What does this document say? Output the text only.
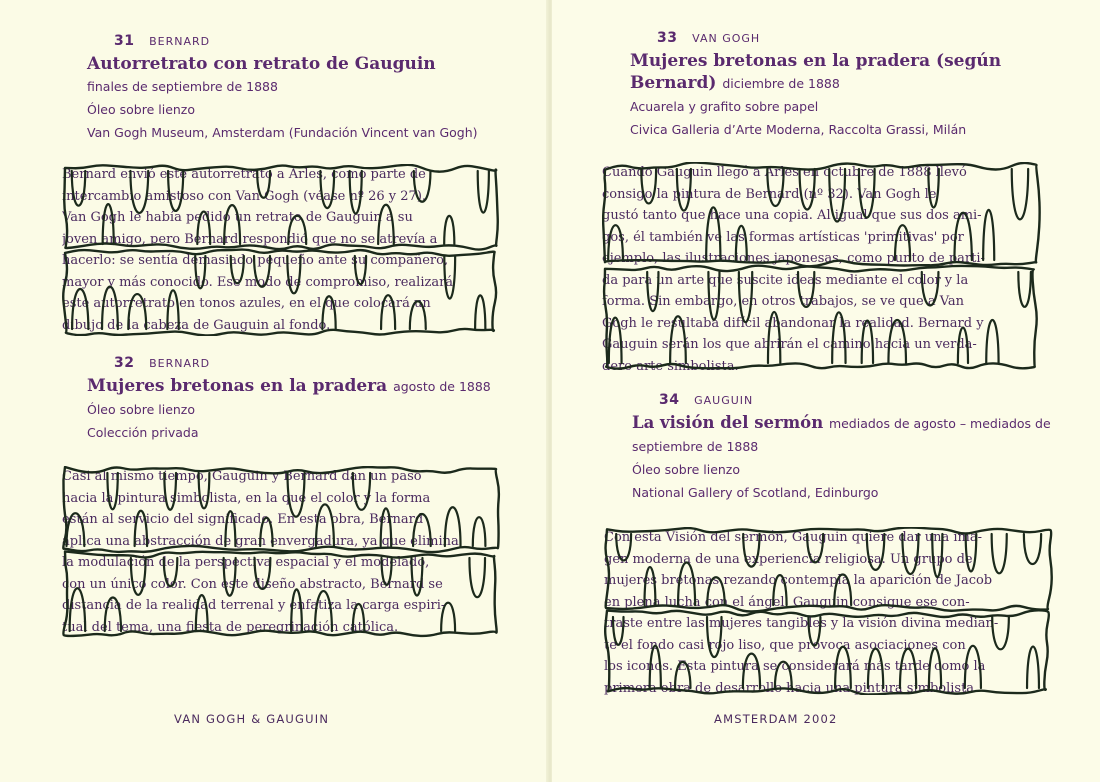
31 BERNARD
Autorretrato con retrato de Gauguin
finales de septiembre de 1888
Óleo sobre lienzo
Van Gogh Museum, Amsterdam (Fundación Vincent van Gogh)
Bernard envió este autorretrato a Arles, como parte de
intercambio amistoso con Van Gogh (véase nº 26 y 27).
Van Gogh le había pedido un retrato de Gauguin a su
joven amigo, pero Bernard respondió que no se atrevía a
hacerlo: se sentía demasiado pequeño ante su compañero,
mayor y más conocido. Ese modo de compromiso, realizará
este autorretrato en tonos azules, en el que colocará un
dibujo de la cabeza de Gauguin al fondo.
32 BERNARD
Mujeres bretonas en la pradera agosto de 1888
Óleo sobre lienzo
Colección privada
Casi al mismo tiempo, Gauguin y Bernard dan un paso
hacia la pintura simbolista, en la que el color y la forma
están al servicio del significado. En esta obra, Bernard
aplica una abstracción de gran envergadura, ya que elimina
la modulación de la perspectiva espacial y el modelado,
con un único color. Con este diseño abstracto, Bernard se
distancia de la realidad terrenal y enfatiza la carga espiri-
tual del tema, una fiesta de peregrinación católica.
VAN GOGH & GAUGUIN
33 VAN GOGH
Mujeres bretonas en la pradera (según Bernard) diciembre de 1888
Acuarela y grafito sobre papel
Civica Galleria d’Arte Moderna, Raccolta Grassi, Milán
Cuando Gauguin llegó a Arles en octubre de 1888 llevó
consigo la pintura de Bernard (nº 32). Van Gogh le
gustó tanto que hace una copia. Al igual que sus dos ami-
gos, él también ve las formas artísticas 'primitivas' por
ejemplo, las ilustraciones japonesas, como punto de parti-
da para un arte que suscite ideas mediante el color y la
forma. Sin embargo, en otros trabajos, se ve que a Van
Gogh le resultaba difícil abandonar la realidad. Bernard y
Gauguin serán los que abrirán el camino hacia un verda-
dero arte simbolista.
34 GAUGUIN
La visión del sermón mediados de agosto – mediados de septiembre de 1888
Óleo sobre lienzo
National Gallery of Scotland, Edinburgo
Con esta Visión del sermón, Gauguin quiere dar una ima-
gen moderna de una experiencia religiosa. Un grupo de
mujeres bretonas rezando contempla la aparición de Jacob
en plena lucha con el ángel. Gauguin consigue ese con-
traste entre las mujeres tangibles y la visión divina median-
te el fondo casi rojo liso, que provoca asociaciones con
los iconos. Esta pintura se considerará más tarde como la
primera obra de desarrollo hacia una pintura simbolista.
AMSTERDAM 2002
